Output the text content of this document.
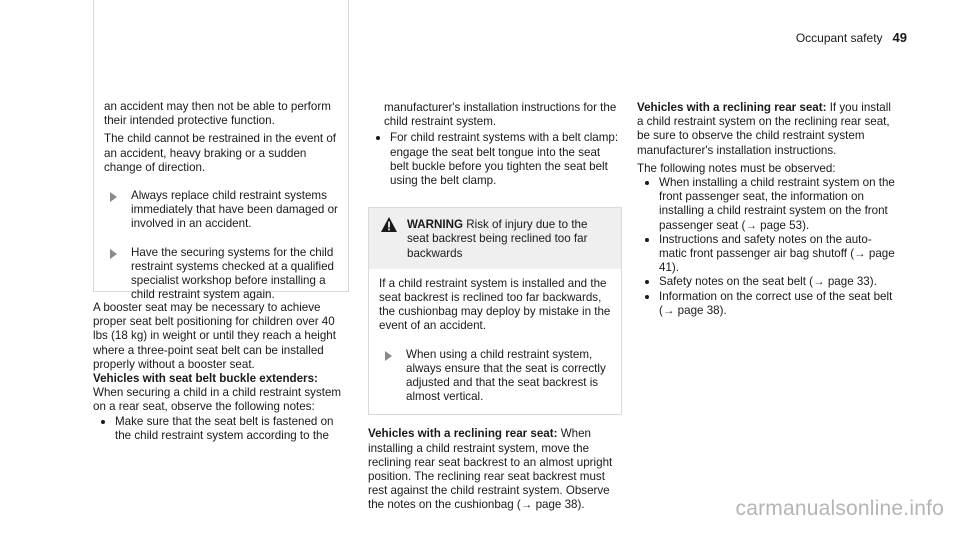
Occupant safety 49

an accident may then not be able to perform their intended protective function.

The child cannot be restrained in the event of an accident, heavy braking or a sudden change of direction.

Always replace child restraint systems immediately that have been damaged or involved in an accident.
Have the securing systems for the child restraint systems checked at a qualified specialist workshop before installing a child restraint system again.

A booster seat may be necessary to achieve proper seat belt positioning for children over 40 lbs (18 kg) in weight or until they reach a height where a three-point seat belt can be installed properly without a booster seat.

Vehicles with seat belt buckle extenders:

When securing a child in a child restraint system on a rear seat, observe the following notes:

Make sure that the seat belt is fastened on the child restraint system according to the

manufacturer's installation instructions for the child restraint system.

For child restraint systems with a belt clamp: engage the seat belt tongue into the seat belt buckle before you tighten the seat belt using the belt clamp.
WARNING Risk of injury due to the seat backrest being reclined too far backwards

If a child restraint system is installed and the seat backrest is reclined too far backwards, the cushionbag may deploy by mistake in the event of an accident.

When using a child restraint system, always ensure that the seat is correctly adjusted and that the seat backrest is almost vertical.

Vehicles with a reclining rear seat: When installing a child restraint system, move the reclining rear seat backrest to an almost upright position. The reclining rear seat backrest must rest against the child restraint system. Observe the notes on the cushionbag (→ page 38).

Vehicles with a reclining rear seat: If you install a child restraint system on the reclining rear seat, be sure to observe the child restraint system manufacturer's installation instructions.

The following notes must be observed:

When installing a child restraint system on the front passenger seat, the information on installing a child restraint system on the front passenger seat (→ page 53).
Instructions and safety notes on the auto-matic front passenger air bag shutoff (→ page 41).
Safety notes on the seat belt (→ page 33).
Information on the correct use of the seat belt (→ page 38).
carmanualsonline.info
